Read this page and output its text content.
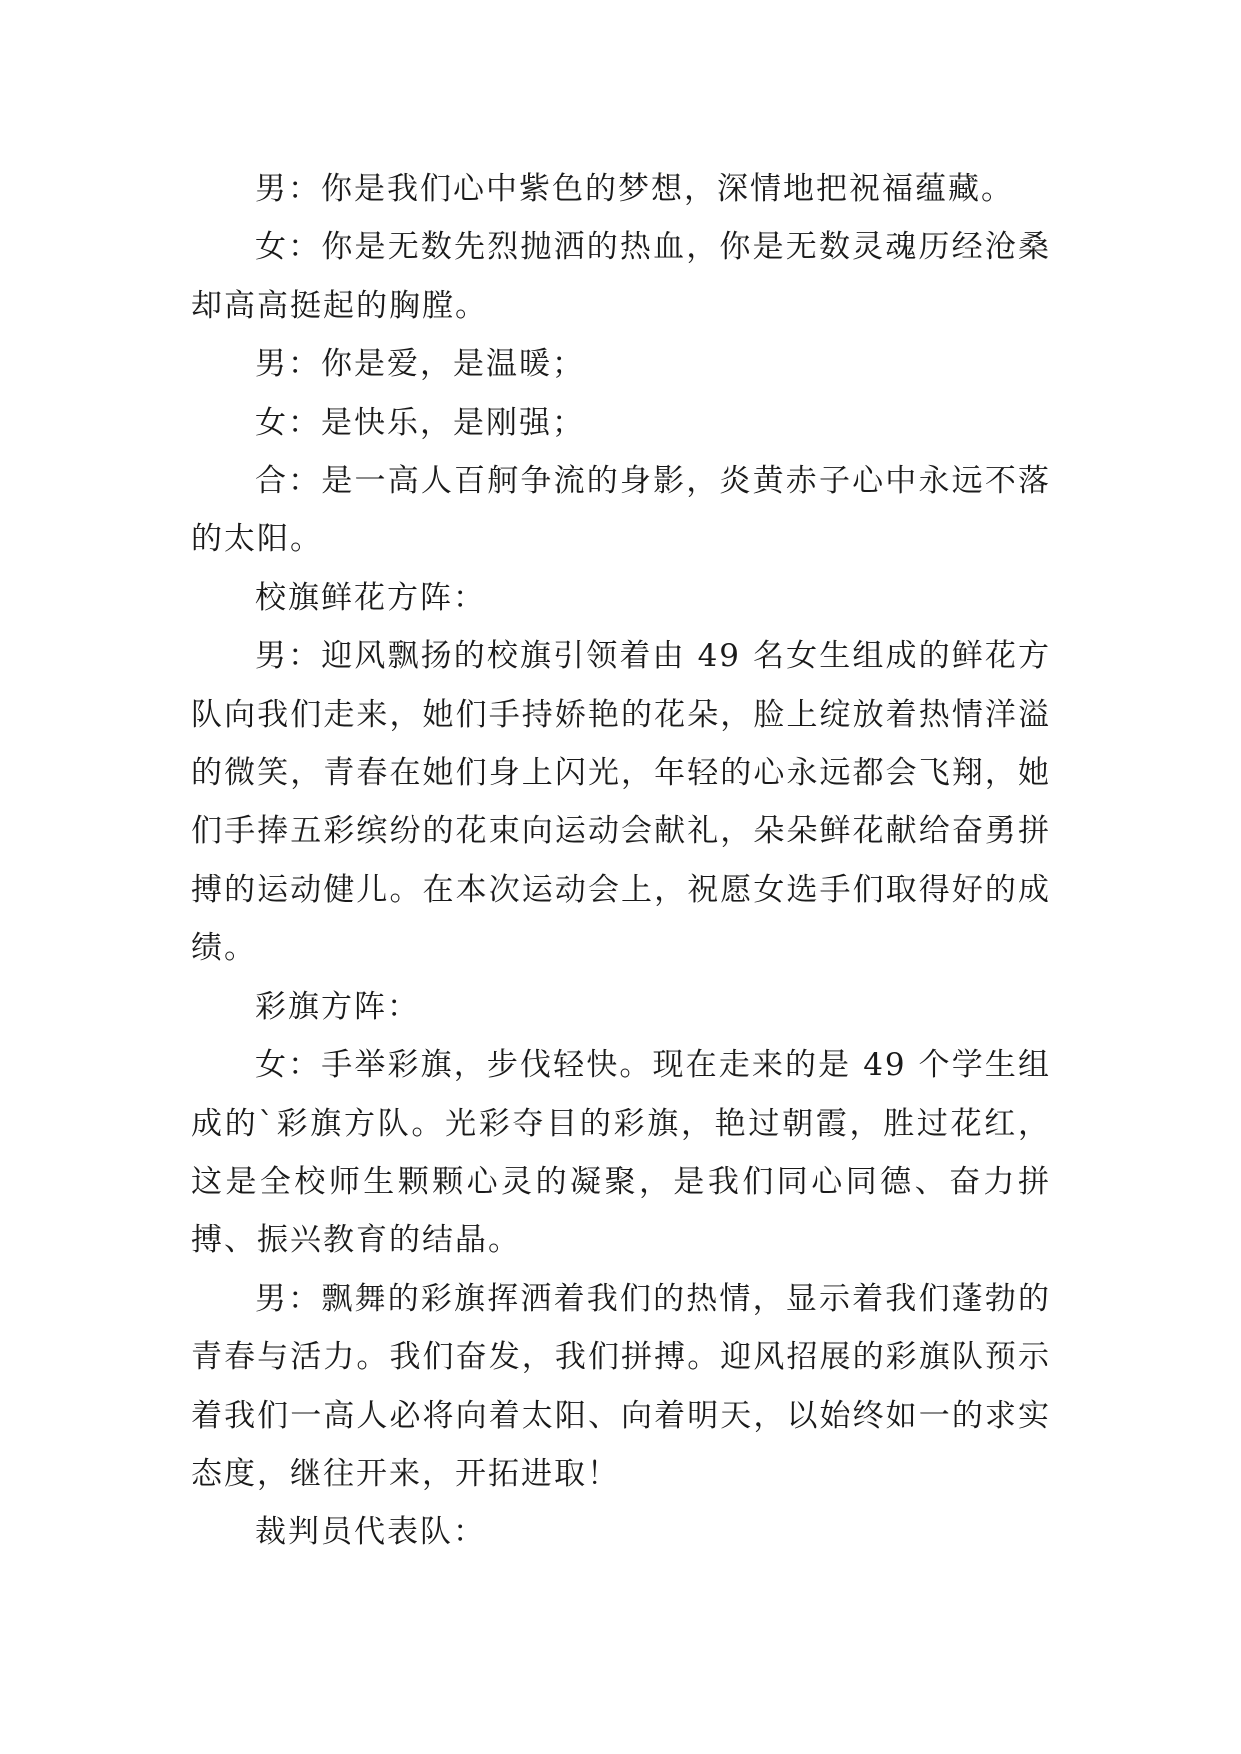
男：你是我们心中紫色的梦想，深情地把祝福蕴藏。

女：你是无数先烈抛洒的热血，你是无数灵魂历经沧桑却高高挺起的胸膛。

男：你是爱，是温暖；

女：是快乐，是刚强；

合：是一高人百舸争流的身影，炎黄赤子心中永远不落的太阳。

校旗鲜花方阵：

男：迎风飘扬的校旗引领着由 49 名女生组成的鲜花方队向我们走来，她们手持娇艳的花朵，脸上绽放着热情洋溢的微笑，青春在她们身上闪光，年轻的心永远都会飞翔，她们手捧五彩缤纷的花束向运动会献礼，朵朵鲜花献给奋勇拼搏的运动健儿。在本次运动会上，祝愿女选手们取得好的成绩。

彩旗方阵：

女：手举彩旗，步伐轻快。现在走来的是 49 个学生组成的`彩旗方队。光彩夺目的彩旗，艳过朝霞，胜过花红，这是全校师生颗颗心灵的凝聚，是我们同心同德、奋力拼搏、振兴教育的结晶。

男：飘舞的彩旗挥洒着我们的热情，显示着我们蓬勃的青春与活力。我们奋发，我们拼搏。迎风招展的彩旗队预示着我们一高人必将向着太阳、向着明天，以始终如一的求实态度，继往开来，开拓进取！

裁判员代表队：
